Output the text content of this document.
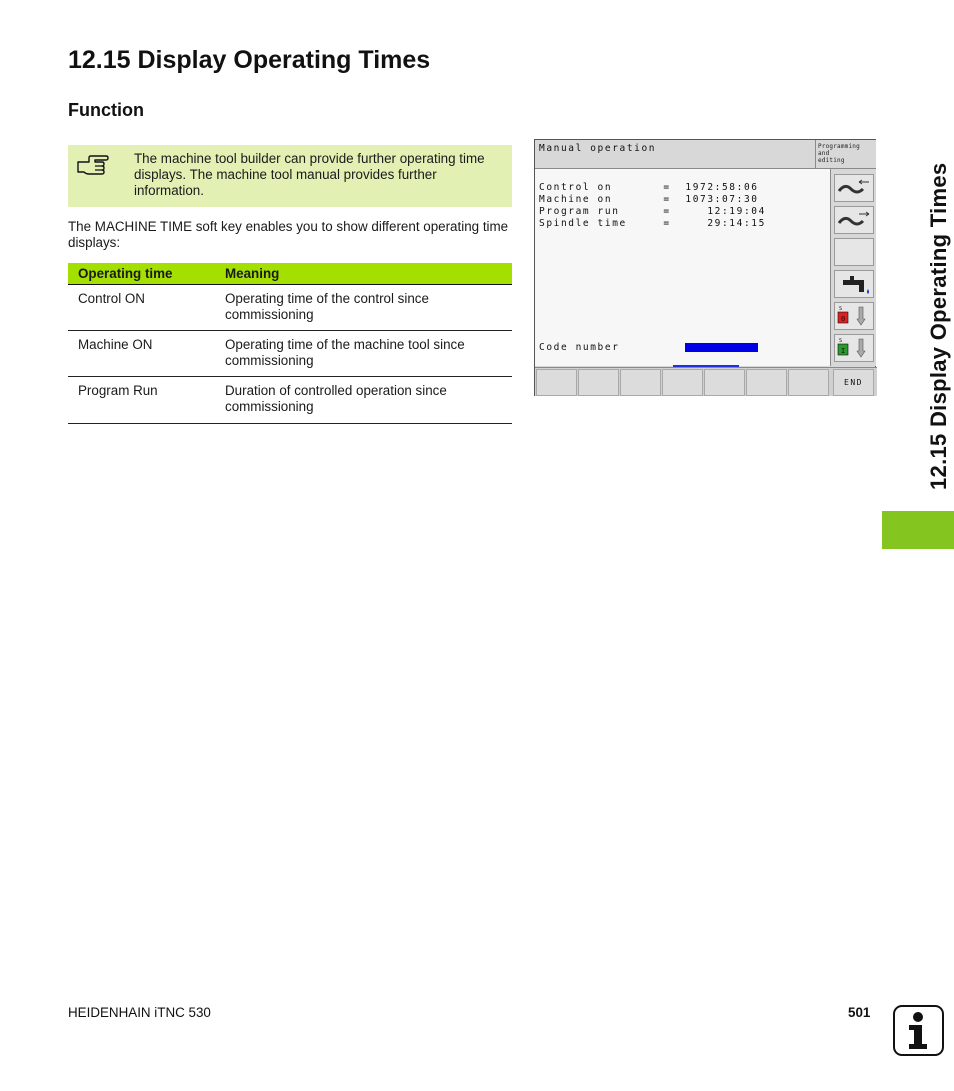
12.15 Display Operating Times
Function

The machine tool builder can provide further operating time displays. The machine tool manual provides further information.

The MACHINE TIME soft key enables you to show different operating time displays:

Operating time	Meaning
Control ON	Operating time of the control since commissioning
Machine ON	Operating time of the machine tool since commissioning
Program Run	Duration of controlled operation since commissioning
Manual operation	Programming and editing
Control on       =  1972:58:06
Machine on       =  1073:07:30
Program run      =     12:19:04
Spindle time     =     29:14:15
Code number
S
0
S
I
END	12.15 Display Operating Times
HEIDENHAIN iTNC 530	501
